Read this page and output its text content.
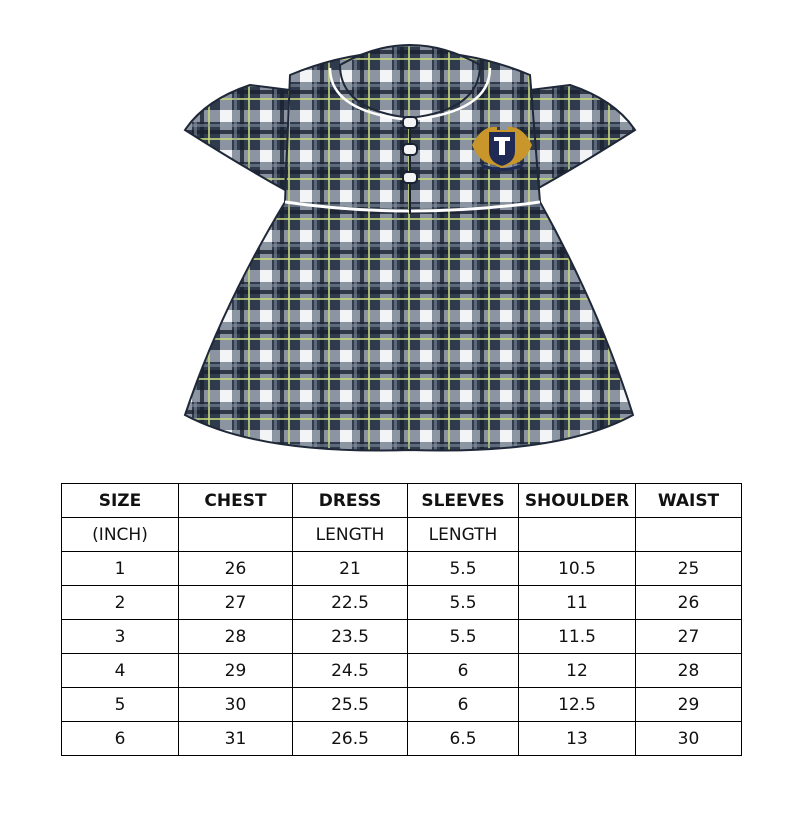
SIZE	CHEST	DRESS	SLEEVES	SHOULDER	WAIST
(INCH)		LENGTH	LENGTH		
1	26	21	5.5	10.5	25
2	27	22.5	5.5	11	26
3	28	23.5	5.5	11.5	27
4	29	24.5	6	12	28
5	30	25.5	6	12.5	29
6	31	26.5	6.5	13	30
